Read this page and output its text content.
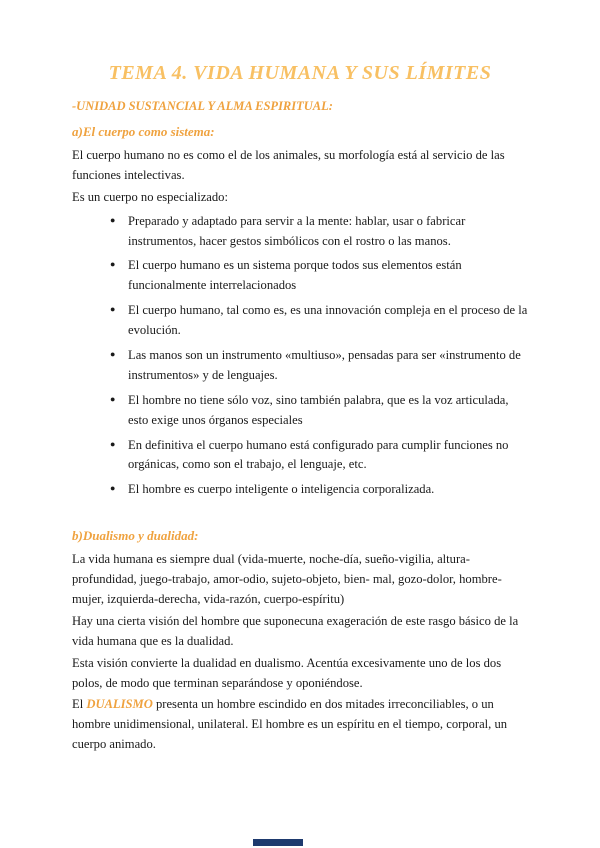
TEMA 4. VIDA HUMANA Y SUS LÍMITES
-UNIDAD SUSTANCIAL Y ALMA ESPIRITUAL:
a)El cuerpo como sistema:

El cuerpo humano no es como el de los animales, su morfología está al servicio de las funciones intelectivas.

Es un cuerpo no especializado:

● Preparado y adaptado para servir a la mente: hablar, usar o fabricar instrumentos, hacer gestos simbólicos con el rostro o las manos.
● El cuerpo humano es un sistema porque todos sus elementos están funcionalmente interrelacionados
● El cuerpo humano, tal como es, es una innovación compleja en el proceso de la evolución.
● Las manos son un instrumento «multiuso», pensadas para ser «instrumento de instrumentos» y de lenguajes.
● El hombre no tiene sólo voz, sino también palabra, que es la voz articulada, esto exige unos órganos especiales
● En definitiva el cuerpo humano está configurado para cumplir funciones no orgánicas, como son el trabajo, el lenguaje, etc.
● El hombre es cuerpo inteligente o inteligencia corporalizada.
b)Dualismo y dualidad:

La vida humana es siempre dual (vida-muerte, noche-día, sueño-vigilia, altura-profundidad, juego-trabajo, amor-odio, sujeto-objeto, bien- mal, gozo-dolor, hombre-mujer, izquierda-derecha, vida-razón, cuerpo-espíritu)

Hay una cierta visión del hombre que suponecuna exageración de este rasgo básico de la vida humana que es la dualidad.

Esta visión convierte la dualidad en dualismo. Acentúa excesivamente uno de los dos polos, de modo que terminan separándose y oponiéndose.

El DUALISMO presenta un hombre escindido en dos mitades irreconciliables, o un hombre unidimensional, unilateral. El hombre es un espíritu en el tiempo, corporal, un cuerpo animado.
